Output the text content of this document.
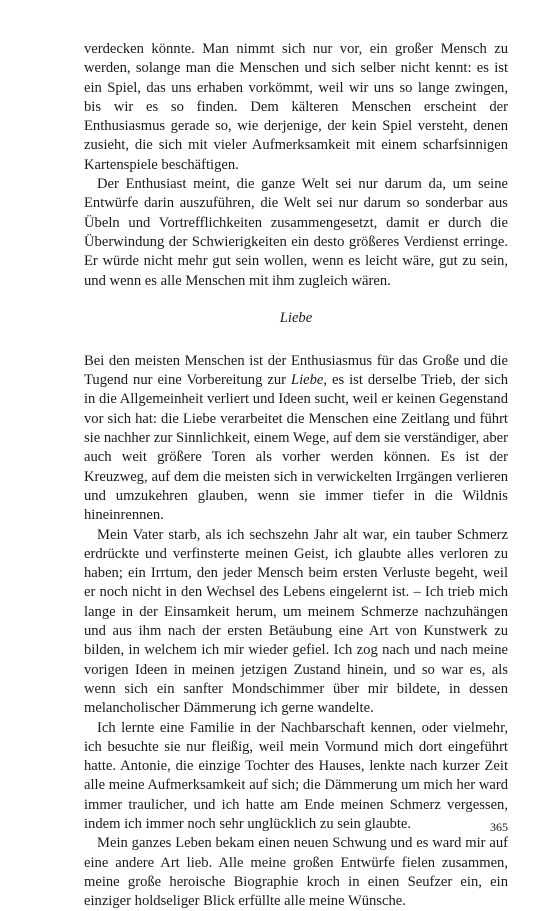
verdecken könnte. Man nimmt sich nur vor, ein großer Mensch zu werden, solange man die Menschen und sich selber nicht kennt: es ist ein Spiel, das uns erhaben vorkömmt, weil wir uns so lange zwingen, bis wir es so finden. Dem kälteren Menschen erscheint der Enthusiasmus gerade so, wie derjenige, der kein Spiel versteht, denen zusieht, die sich mit vieler Aufmerksamkeit mit einem scharfsinnigen Kartenspiele beschäftigen.

Der Enthusiast meint, die ganze Welt sei nur darum da, um seine Entwürfe darin auszuführen, die Welt sei nur darum so sonderbar aus Übeln und Vortrefflichkeiten zusammengesetzt, damit er durch die Überwindung der Schwierigkeiten ein desto größeres Verdienst erringe. Er würde nicht mehr gut sein wollen, wenn es leicht wäre, gut zu sein, und wenn es alle Menschen mit ihm zugleich wären.

Liebe

Bei den meisten Menschen ist der Enthusiasmus für das Große und die Tugend nur eine Vorbereitung zur Liebe, es ist derselbe Trieb, der sich in die Allgemeinheit verliert und Ideen sucht, weil er keinen Gegenstand vor sich hat: die Liebe verarbeitet die Menschen eine Zeitlang und führt sie nachher zur Sinnlichkeit, einem Wege, auf dem sie verständiger, aber auch weit größere Toren als vorher werden können. Es ist der Kreuzweg, auf dem die meisten sich in verwickelten Irrgängen verlieren und umzukehren glauben, wenn sie immer tiefer in die Wildnis hineinrennen.

Mein Vater starb, als ich sechszehn Jahr alt war, ein tauber Schmerz erdrückte und verfinsterte meinen Geist, ich glaubte alles verloren zu haben; ein Irrtum, den jeder Mensch beim ersten Verluste begeht, weil er noch nicht in den Wechsel des Lebens eingelernt ist. – Ich trieb mich lange in der Einsamkeit herum, um meinem Schmerze nachzuhängen und aus ihm nach der ersten Betäubung eine Art von Kunstwerk zu bilden, in welchem ich mir wieder gefiel. Ich zog nach und nach meine vorigen Ideen in meinen jetzigen Zustand hinein, und so war es, als wenn sich ein sanfter Mondschimmer über mir bildete, in dessen melancholischer Dämmerung ich gerne wandelte.

Ich lernte eine Familie in der Nachbarschaft kennen, oder vielmehr, ich besuchte sie nur fleißig, weil mein Vormund mich dort eingeführt hatte. Antonie, die einzige Tochter des Hauses, lenkte nach kurzer Zeit alle meine Aufmerksamkeit auf sich; die Dämmerung um mich her ward immer traulicher, und ich hatte am Ende meinen Schmerz vergessen, indem ich immer noch sehr unglücklich zu sein glaubte.

Mein ganzes Leben bekam einen neuen Schwung und es ward mir auf eine andere Art lieb. Alle meine großen Entwürfe fielen zusammen, meine große heroische Biographie kroch in einen Seufzer ein, ein einziger holdseliger Blick erfüllte alle meine Wünsche.

365
